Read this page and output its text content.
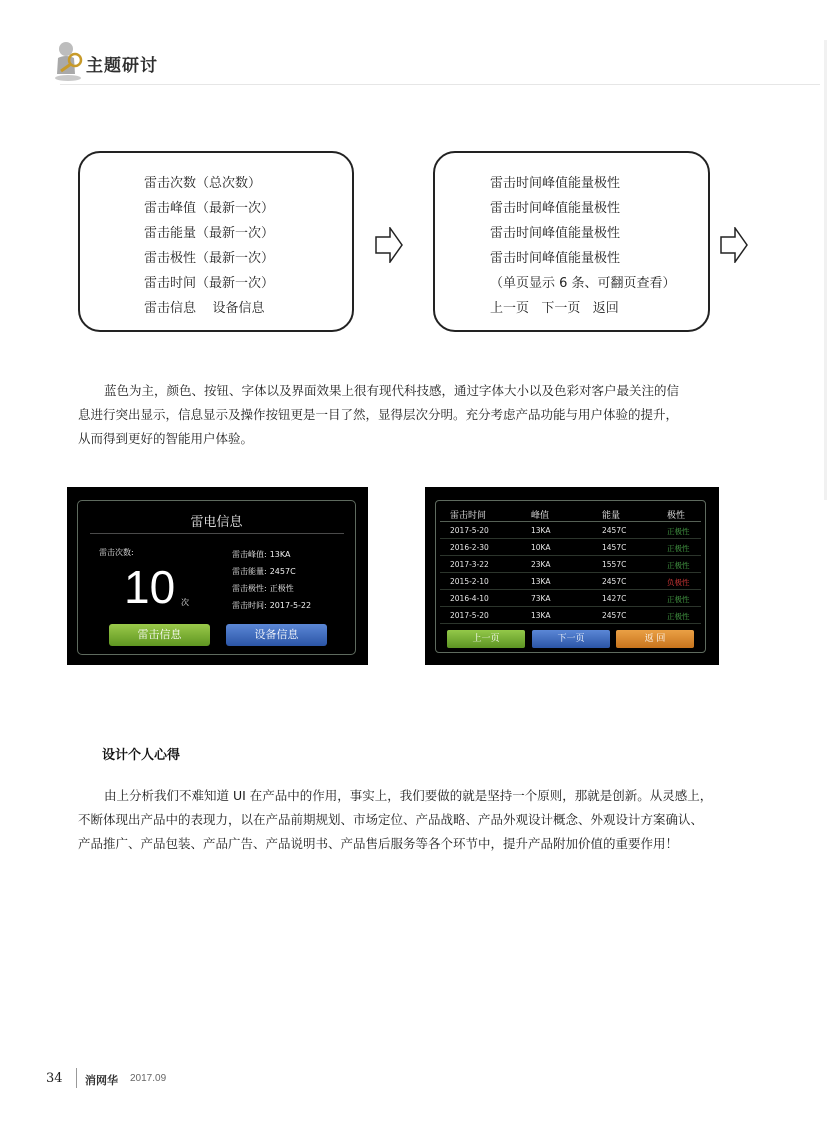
主题研讨
雷击次数（总次数）
雷击峰值（最新一次）
雷击能量（最新一次）
雷击极性（最新一次）
雷击时间（最新一次）
雷击信息    设备信息
雷击时间峰值能量极性
雷击时间峰值能量极性
雷击时间峰值能量极性
雷击时间峰值能量极性
（单页显示 6 条、可翻页查看）
上一页   下一页   返回
蓝色为主，颜色、按钮、字体以及界面效果上很有现代科技感，通过字体大小以及色彩对客户最关注的信
息进行突出显示，信息显示及操作按钮更是一目了然，显得层次分明。充分考虑产品功能与用户体验的提升，
从而得到更好的智能用户体验。
雷电信息
雷击次数:
10 次
雷击峰值: 13KA
雷击能量: 2457C
雷击极性: 正极性
雷击时间: 2017-5-22
雷击信息	设备信息
雷击时间	峰值	能量	极性
2017-5-20	13KA	2457C	正极性
2016-2-30	10KA	1457C	正极性
2017-3-22	23KA	1557C	正极性
2015-2-10	13KA	2457C	负极性
2016-4-10	73KA	1427C	正极性
2017-5-20	13KA	2457C	正极性
上一页	下一页	返 回
设计个人心得
由上分析我们不难知道 UI 在产品中的作用，事实上，我们要做的就是坚持一个原则，那就是创新。从灵感上，
不断体现出产品中的表现力，以在产品前期规划、市场定位、产品战略、产品外观设计概念、外观设计方案确认、
产品推广、产品包装、产品广告、产品说明书、产品售后服务等各个环节中，提升产品附加价值的重要作用！
34 消网华 2017.09
